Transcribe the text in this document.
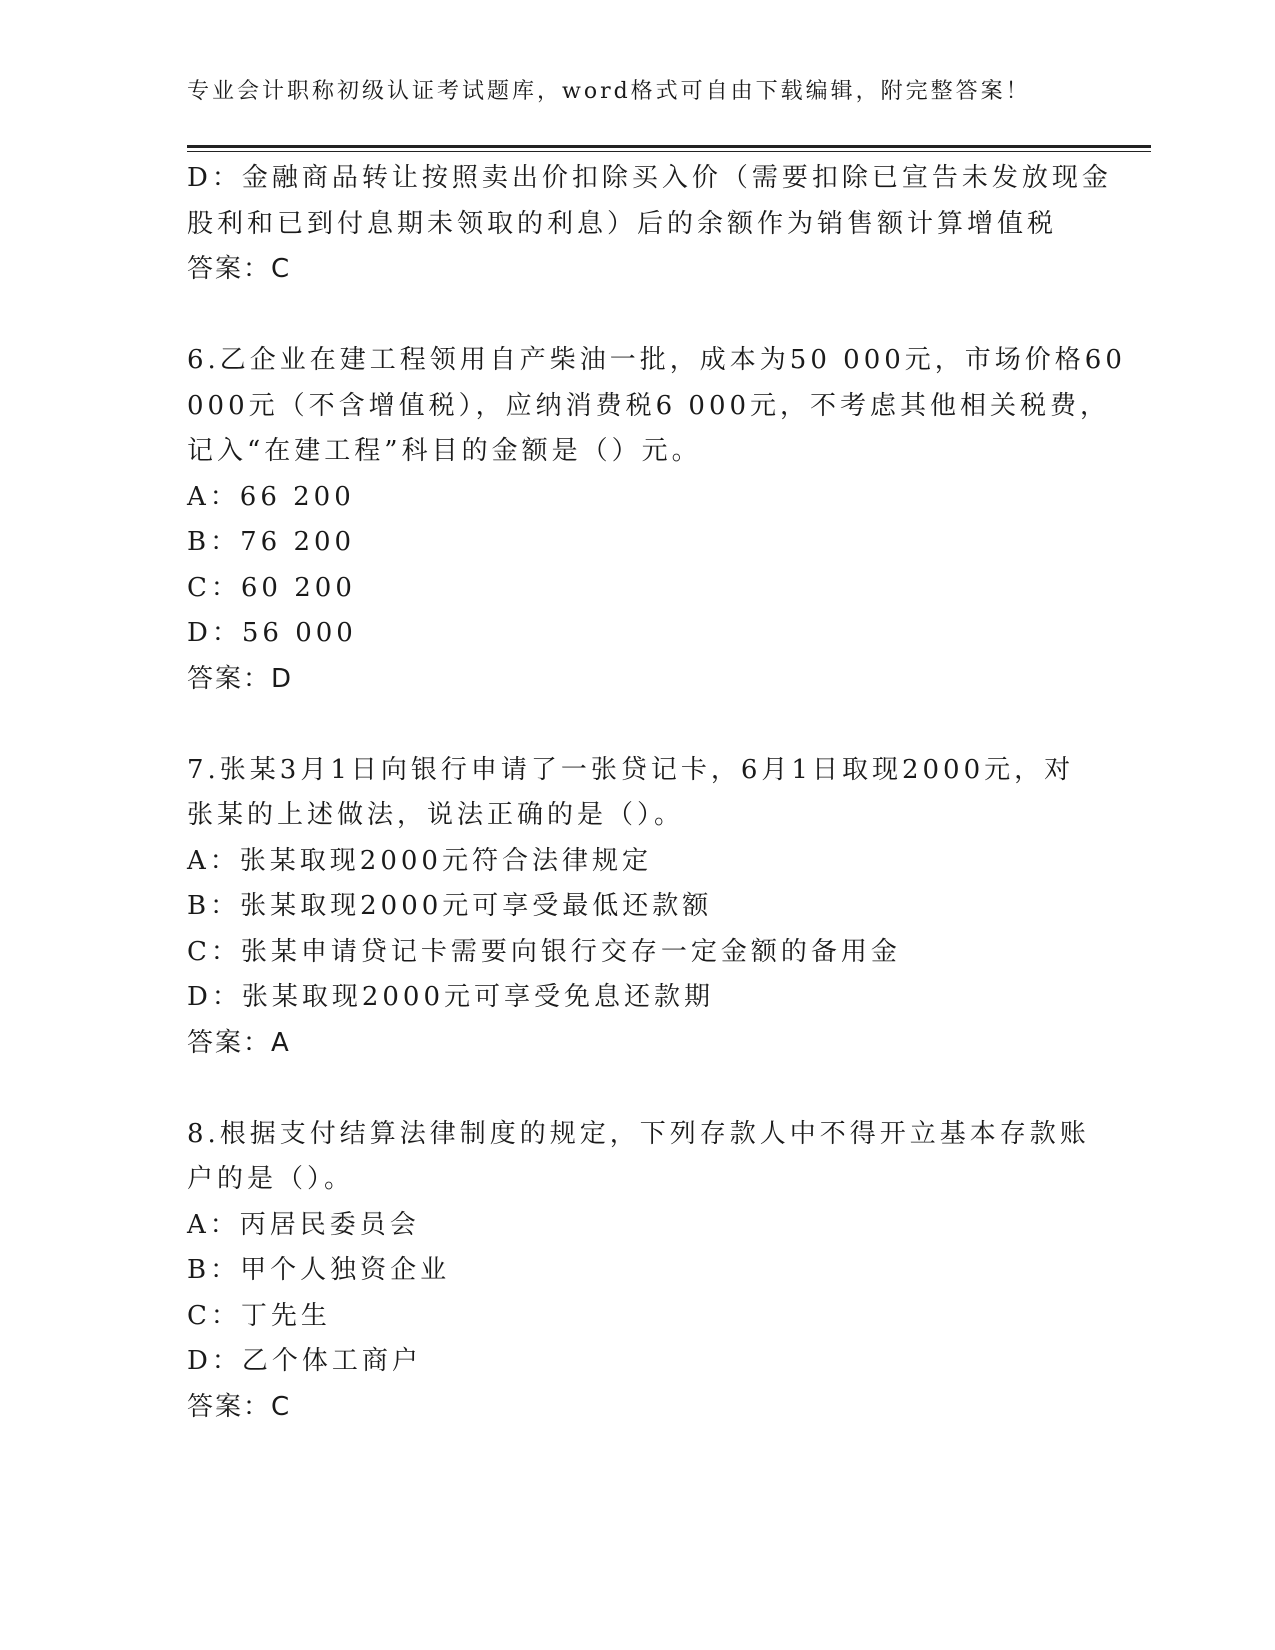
专业会计职称初级认证考试题库，word格式可自由下载编辑，附完整答案！
D：金融商品转让按照卖出价扣除买入价（需要扣除已宣告未发放现金
股利和已到付息期未领取的利息）后的余额作为销售额计算增值税
答案：C
6.乙企业在建工程领用自产柴油一批，成本为50 000元，市场价格60
000元（不含增值税），应纳消费税6 000元，不考虑其他相关税费，
记入“在建工程”科目的金额是（）元。
A：66 200
B：76 200
C：60 200
D：56 000
答案：D
7.张某3月1日向银行申请了一张贷记卡，6月1日取现2000元，对
张某的上述做法，说法正确的是（）。
A：张某取现2000元符合法律规定
B：张某取现2000元可享受最低还款额
C：张某申请贷记卡需要向银行交存一定金额的备用金
D：张某取现2000元可享受免息还款期
答案：A
8.根据支付结算法律制度的规定，下列存款人中不得开立基本存款账
户的是（）。
A：丙居民委员会
B：甲个人独资企业
C：丁先生
D：乙个体工商户
答案：C
